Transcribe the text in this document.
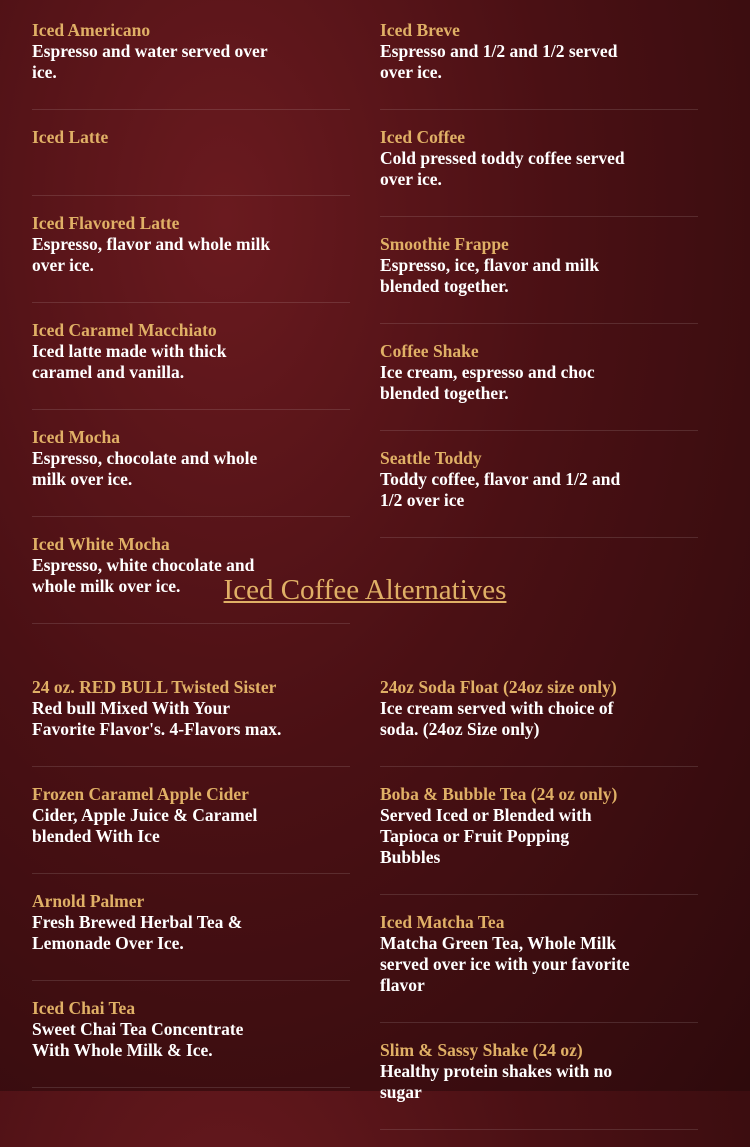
Iced Americano
Espresso and water served over ice.
Iced Latte
Iced Flavored Latte
Espresso, flavor and whole milk over ice.
Iced Caramel Macchiato
Iced latte made with thick caramel and vanilla.
Iced Mocha
Espresso, chocolate and whole milk over ice.
Iced White Mocha
Espresso, white chocolate and whole milk over ice.
Iced Breve
Espresso and 1/2 and 1/2 served over ice.
Iced Coffee
Cold pressed toddy coffee served over ice.
Smoothie Frappe
Espresso, ice, flavor and milk blended together.
Coffee Shake
Ice cream, espresso and choc blended together.
Seattle Toddy
Toddy coffee, flavor and 1/2 and 1/2 over ice
Iced Coffee Alternatives
24 oz. RED BULL Twisted Sister
Red bull Mixed With Your Favorite Flavor's. 4-Flavors max.
Frozen Caramel Apple Cider
Cider, Apple Juice & Caramel blended With Ice
Arnold Palmer
Fresh Brewed Herbal Tea & Lemonade Over Ice.
Iced Chai Tea
Sweet Chai Tea Concentrate With Whole Milk & Ice.
24oz Soda Float (24oz size only)
Ice cream served with choice of soda. (24oz Size only)
Boba & Bubble Tea (24 oz only)
Served Iced or Blended with Tapioca or Fruit Popping Bubbles
Iced Matcha Tea
Matcha Green Tea, Whole Milk served over ice with your favorite flavor
Slim & Sassy Shake (24 oz)
Healthy protein shakes with no sugar
